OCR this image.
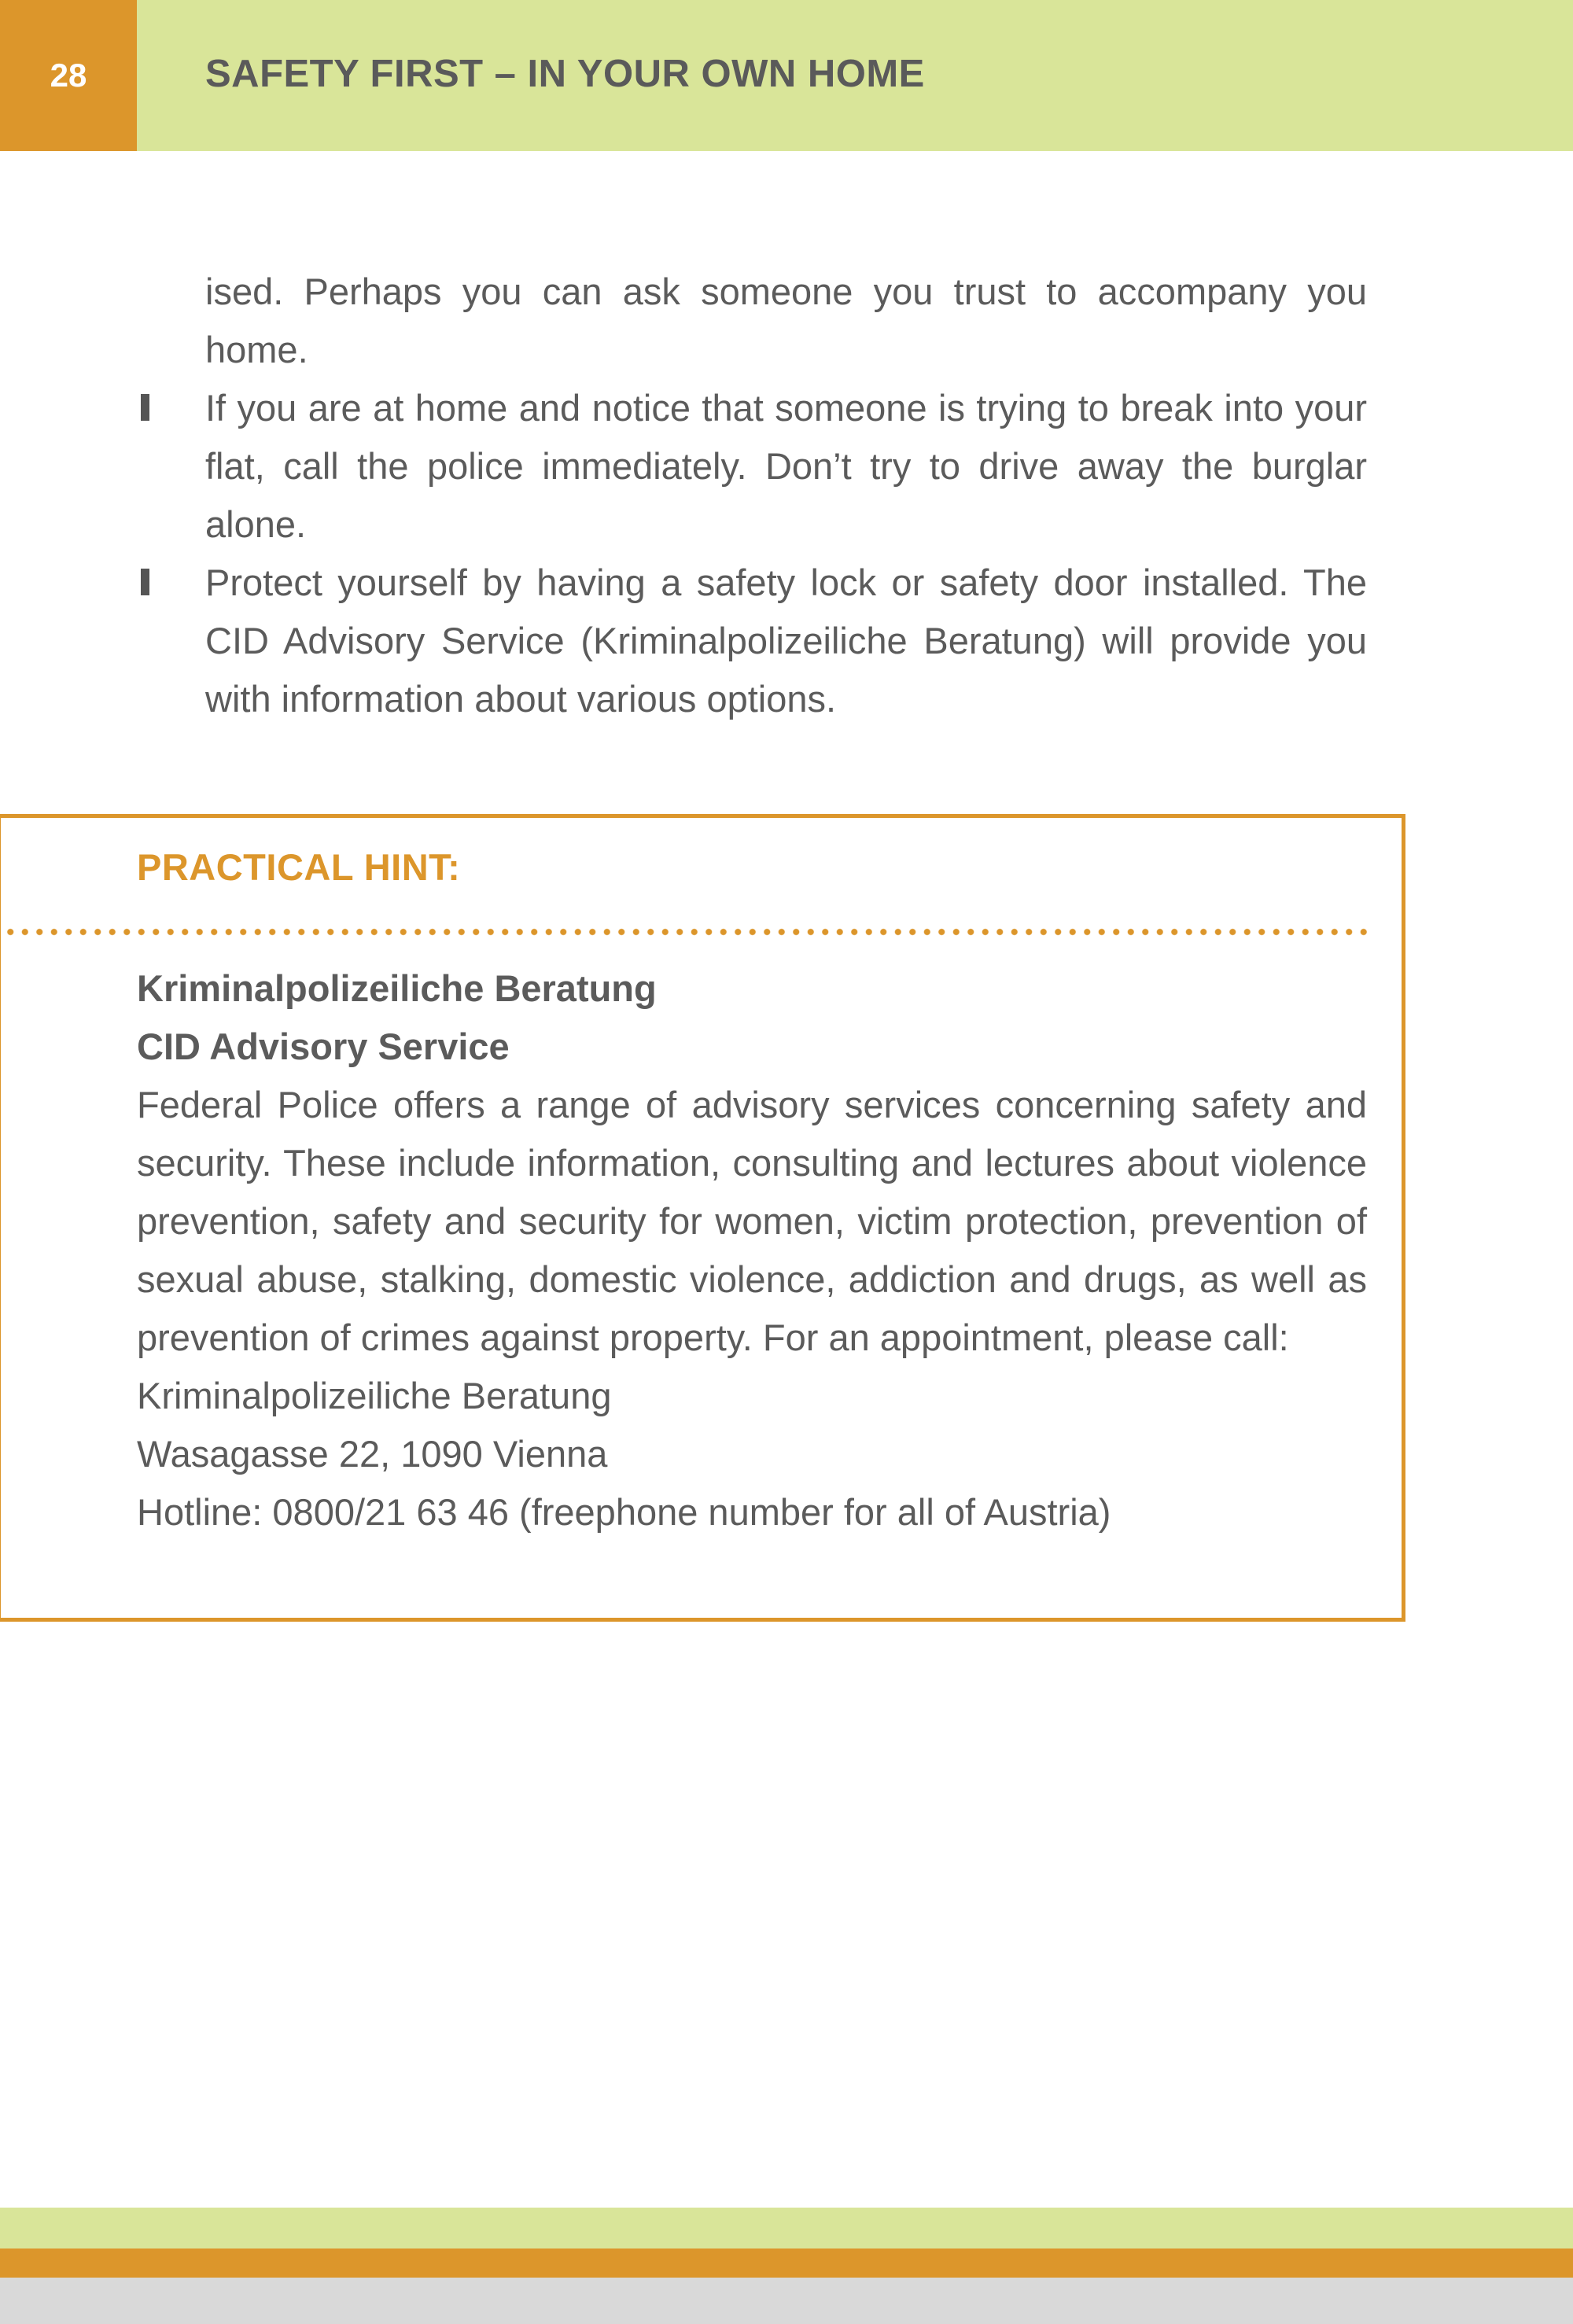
28	SAFETY FIRST – IN YOUR OWN HOME

ised. Perhaps you can ask someone you trust to accompany you home.

If you are at home and notice that someone is trying to break into your flat, call the police immediately. Don’t try to drive away the burglar alone.
Protect yourself by having a safety lock or safety door installed. The CID Advisory Service (Kriminalpolizeiliche Beratung) will provide you with information about various options.
PRACTICAL HINT:
Kriminalpolizeiliche Beratung
CID Advisory Service
Federal Police offers a range of advisory services concerning safety and security. These include information, consulting and lectures about violence prevention, safety and security for women, victim protection, prevention of sexual abuse, stalking, domestic violence, addiction and drugs, as well as prevention of crimes against property. For an appointment, please call:
Kriminalpolizeiliche Beratung
Wasagasse 22, 1090 Vienna
Hotline: 0800/21 63 46 (freephone number for all of Austria)
